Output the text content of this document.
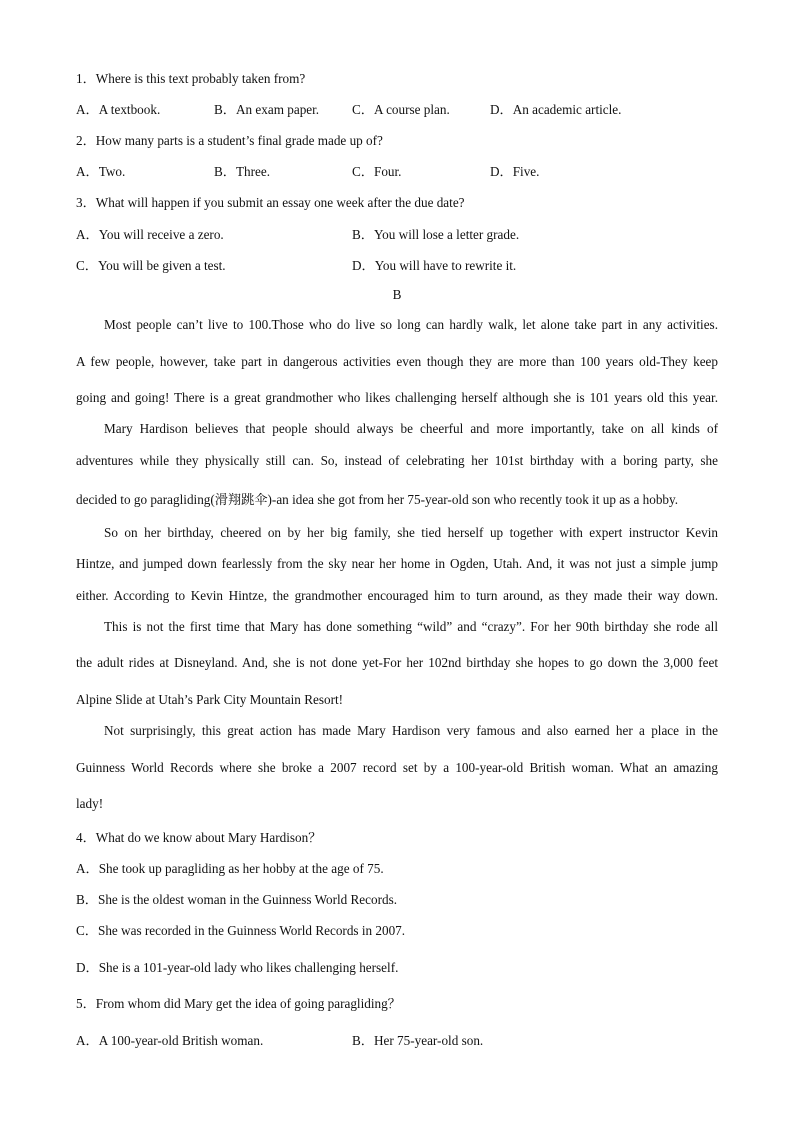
1．Where is this text probably taken from?
A．A textbook.	B．An exam paper. C．A course plan.	D．An academic article.
2．How many parts is a student’s final grade made up of?
A．Two.	B．Three.	C．Four.	D．Five.
3．What will happen if you submit an essay one week after the due date?
A．You will receive a zero.	B．You will lose a letter grade.
C．You will be given a test.	D．You will have to rewrite it.
B
Most people can’t live to 100.Those who do live so long can hardly walk, let alone take part in any activities.
A few people, however, take part in dangerous activities even though they are more than 100 years old-They keep
going and going! There is a great grandmother who likes challenging herself although she is 101 years old this year.
Mary Hardison believes that people should always be cheerful and more importantly, take on all kinds of
adventures while they physically still can. So, instead of celebrating her 101st birthday with a boring party, she
decided to go paragliding(滑翔跳伞)-an idea she got from her 75-year-old son who recently took it up as a hobby.
So on her birthday, cheered on by her big family, she tied herself up together with expert instructor Kevin
Hintze, and jumped down fearlessly from the sky near her home in Ogden, Utah. And, it was not just a simple jump
either. According to Kevin Hintze, the grandmother encouraged him to turn around, as they made their way down.
This is not the first time that Mary has done something “wild” and “crazy”. For her 90th birthday she rode all
the adult rides at Disneyland. And, she is not done yet-For her 102nd birthday she hopes to go down the 3,000 feet
Alpine Slide at Utah’s Park City Mountain Resort!
Not surprisingly, this great action has made Mary Hardison very famous and also earned her a place in the
Guinness World Records where she broke a 2007 record set by a 100-year-old British woman. What an amazing
lady!
4．What do we know about Mary Hardison？
A．She took up paragliding as her hobby at the age of 75.
B．She is the oldest woman in the Guinness World Records.
C．She was recorded in the Guinness World Records in 2007.
D．She is a 101-year-old lady who likes challenging herself.
5．From whom did Mary get the idea of going paragliding？
A．A 100-year-old British woman.	B．Her 75-year-old son.
